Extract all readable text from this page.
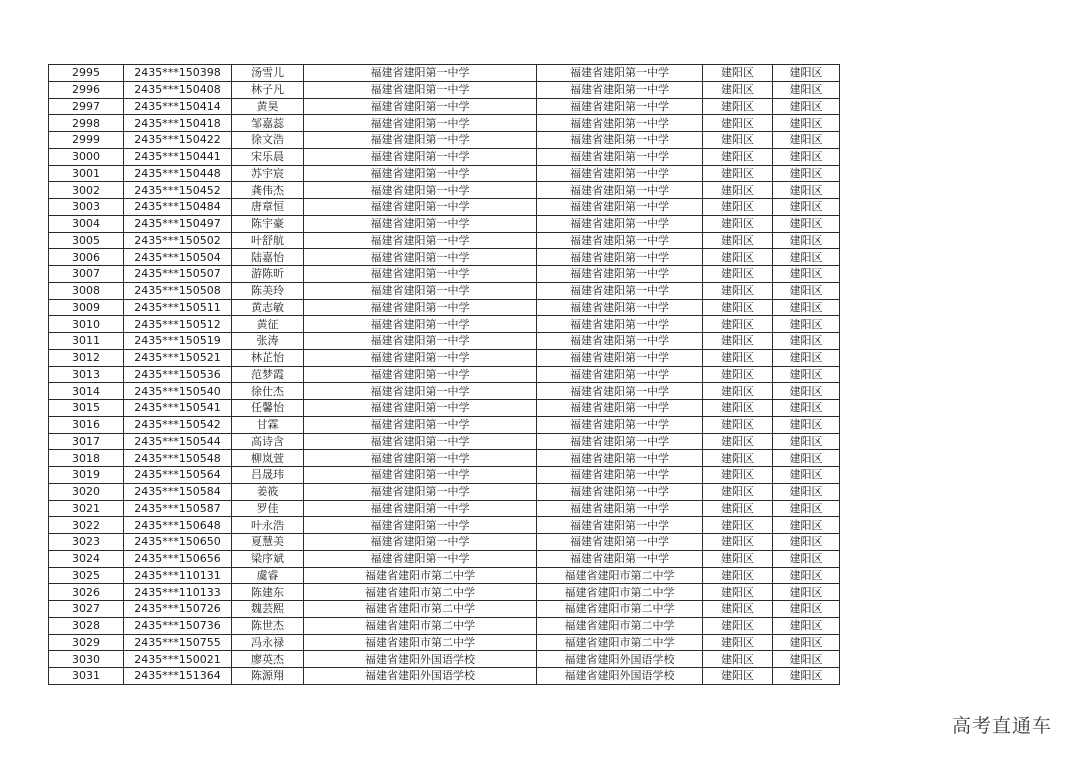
2995	2435***150398	汤雪儿	福建省建阳第一中学	福建省建阳第一中学	建阳区	建阳区
2996	2435***150408	林子凡	福建省建阳第一中学	福建省建阳第一中学	建阳区	建阳区
2997	2435***150414	黄昊	福建省建阳第一中学	福建省建阳第一中学	建阳区	建阳区
2998	2435***150418	邹嘉蕊	福建省建阳第一中学	福建省建阳第一中学	建阳区	建阳区
2999	2435***150422	徐文浩	福建省建阳第一中学	福建省建阳第一中学	建阳区	建阳区
3000	2435***150441	宋乐晨	福建省建阳第一中学	福建省建阳第一中学	建阳区	建阳区
3001	2435***150448	苏宇宸	福建省建阳第一中学	福建省建阳第一中学	建阳区	建阳区
3002	2435***150452	龚伟杰	福建省建阳第一中学	福建省建阳第一中学	建阳区	建阳区
3003	2435***150484	唐章恒	福建省建阳第一中学	福建省建阳第一中学	建阳区	建阳区
3004	2435***150497	陈宇豪	福建省建阳第一中学	福建省建阳第一中学	建阳区	建阳区
3005	2435***150502	叶舒航	福建省建阳第一中学	福建省建阳第一中学	建阳区	建阳区
3006	2435***150504	陆嘉怡	福建省建阳第一中学	福建省建阳第一中学	建阳区	建阳区
3007	2435***150507	游陈昕	福建省建阳第一中学	福建省建阳第一中学	建阳区	建阳区
3008	2435***150508	陈美玲	福建省建阳第一中学	福建省建阳第一中学	建阳区	建阳区
3009	2435***150511	黄志敏	福建省建阳第一中学	福建省建阳第一中学	建阳区	建阳区
3010	2435***150512	黄征	福建省建阳第一中学	福建省建阳第一中学	建阳区	建阳区
3011	2435***150519	张涛	福建省建阳第一中学	福建省建阳第一中学	建阳区	建阳区
3012	2435***150521	林芷怡	福建省建阳第一中学	福建省建阳第一中学	建阳区	建阳区
3013	2435***150536	范梦霞	福建省建阳第一中学	福建省建阳第一中学	建阳区	建阳区
3014	2435***150540	徐仕杰	福建省建阳第一中学	福建省建阳第一中学	建阳区	建阳区
3015	2435***150541	任馨怡	福建省建阳第一中学	福建省建阳第一中学	建阳区	建阳区
3016	2435***150542	甘霖	福建省建阳第一中学	福建省建阳第一中学	建阳区	建阳区
3017	2435***150544	高诗含	福建省建阳第一中学	福建省建阳第一中学	建阳区	建阳区
3018	2435***150548	柳岚萱	福建省建阳第一中学	福建省建阳第一中学	建阳区	建阳区
3019	2435***150564	吕晟玮	福建省建阳第一中学	福建省建阳第一中学	建阳区	建阳区
3020	2435***150584	姜筱	福建省建阳第一中学	福建省建阳第一中学	建阳区	建阳区
3021	2435***150587	罗佳	福建省建阳第一中学	福建省建阳第一中学	建阳区	建阳区
3022	2435***150648	叶永浩	福建省建阳第一中学	福建省建阳第一中学	建阳区	建阳区
3023	2435***150650	夏慧美	福建省建阳第一中学	福建省建阳第一中学	建阳区	建阳区
3024	2435***150656	梁序斌	福建省建阳第一中学	福建省建阳第一中学	建阳区	建阳区
3025	2435***110131	虞睿	福建省建阳市第二中学	福建省建阳市第二中学	建阳区	建阳区
3026	2435***110133	陈建东	福建省建阳市第二中学	福建省建阳市第二中学	建阳区	建阳区
3027	2435***150726	魏芸熙	福建省建阳市第二中学	福建省建阳市第二中学	建阳区	建阳区
3028	2435***150736	陈世杰	福建省建阳市第二中学	福建省建阳市第二中学	建阳区	建阳区
3029	2435***150755	冯永禄	福建省建阳市第二中学	福建省建阳市第二中学	建阳区	建阳区
3030	2435***150021	廖英杰	福建省建阳外国语学校	福建省建阳外国语学校	建阳区	建阳区
3031	2435***151364	陈源翔	福建省建阳外国语学校	福建省建阳外国语学校	建阳区	建阳区
高考直通车
